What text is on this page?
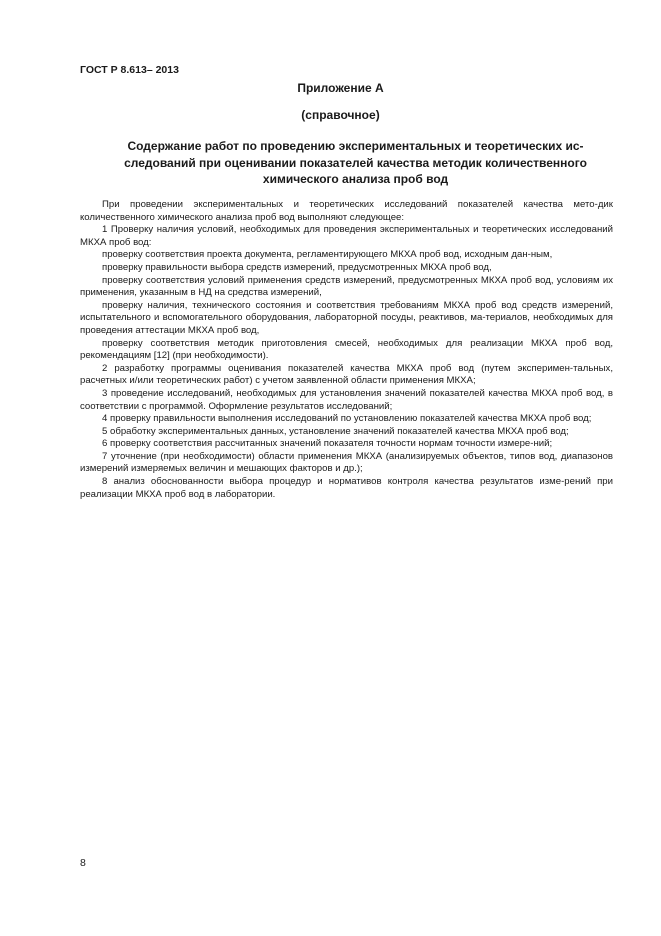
ГОСТ Р 8.613– 2013
Приложение А
(справочное)
Содержание работ по проведению экспериментальных и теоретических ис-
следований при оценивании показателей качества методик количественного
химического анализа проб вод

При проведении экспериментальных и теоретических исследований показателей качества мето-дик количественного химического анализа проб вод выполняют следующее:

1 Проверку наличия условий, необходимых для проведения экспериментальных и теоретических исследований МКХА проб вод:

проверку соответствия проекта документа, регламентирующего МКХА проб вод, исходным дан-ным,

проверку правильности выбора средств измерений, предусмотренных МКХА проб вод,

проверку соответствия условий применения средств измерений, предусмотренных МКХА проб вод, условиям их применения, указанным в НД на средства измерений,

проверку наличия, технического состояния и соответствия требованиям МКХА проб вод средств измерений, испытательного и вспомогательного оборудования, лабораторной посуды, реактивов, ма-териалов, необходимых для проведения аттестации МКХА проб вод,

проверку соответствия методик приготовления смесей, необходимых для реализации МКХА проб вод, рекомендациям [12] (при необходимости).

2 разработку программы оценивания показателей качества МКХА проб вод (путем эксперимен-тальных, расчетных и/или теоретических работ) с учетом заявленной области применения МКХА;

3 проведение исследований, необходимых для установления значений показателей качества МКХА проб вод, в соответствии с программой. Оформление результатов исследований;

4 проверку правильности выполнения исследований по установлению показателей качества МКХА проб вод;

5 обработку экспериментальных данных, установление значений показателей качества МКХА проб вод;

6 проверку соответствия рассчитанных значений показателя точности нормам точности измере-ний;

7 уточнение (при необходимости) области применения МКХА (анализируемых объектов, типов вод, диапазонов измерений измеряемых величин и мешающих факторов и др.);

8 анализ обоснованности выбора процедур и нормативов контроля качества результатов изме-рений при реализации МКХА проб вод в лаборатории.

8
